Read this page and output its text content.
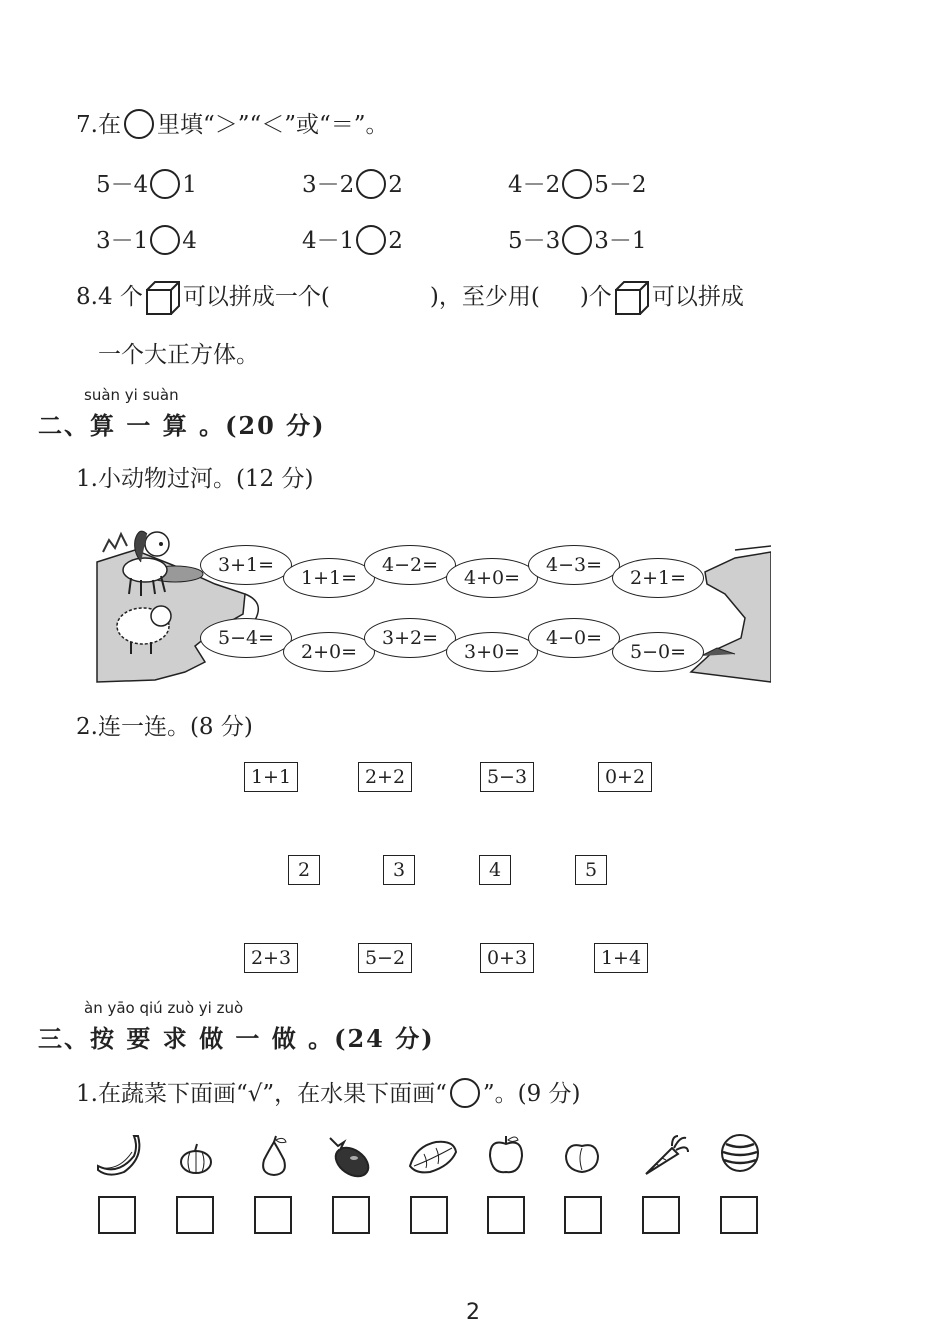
7.在 里填“＞”“＜”或“＝”。
5－4 1	3－2 2	4－2 5－2
3－1 4	4－1 2	5－3 3－1
8.4 个 可以拼成一个(	)，至少用( )个 可以拼成
一个大正方体。
suàn yi suàn
二、算 一 算 。(20 分)
1.小动物过河。(12 分)
3+1=
1+1=
4−2=
4+0=
4−3=
2+1=
5−4=
2+0=
3+2=
3+0=
4−0=
5−0=
2.连一连。(8 分)
1+1	2+2	5−3	0+2
2	3	4	5
2+3	5−2	0+3	1+4
àn yāo qiú zuò yi zuò
三、按 要 求 做 一 做 。(24 分)
1.在蔬菜下面画“√”，在水果下面画“ ”。(9 分)
2
